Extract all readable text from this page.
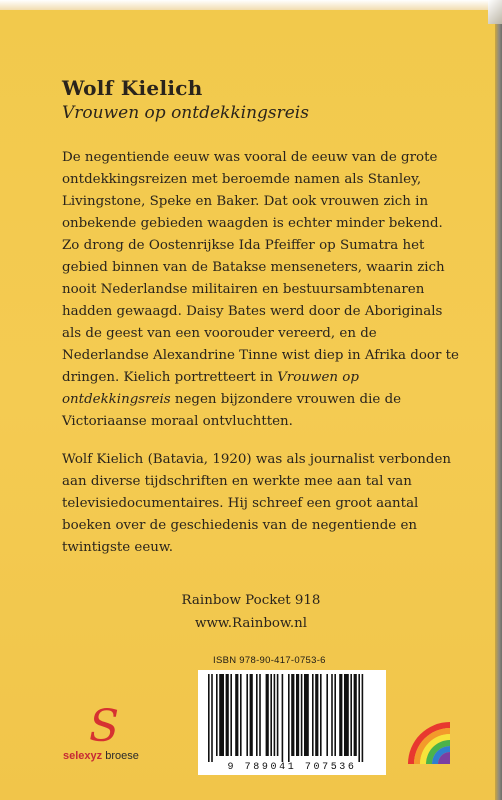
Wolf Kielich
Vrouwen op ontdekkingsreis

De negentiende eeuw was vooral de eeuw van de grote ontdekkingsreizen met beroemde namen als Stanley, Livingstone, Speke en Baker. Dat ook vrouwen zich in onbekende gebieden waagden is echter minder bekend. Zo drong de Oostenrijkse Ida Pfeiffer op Sumatra het gebied binnen van de Batakse menseneters, waarin zich nooit Nederlandse militairen en bestuursambtenaren hadden gewaagd. Daisy Bates werd door de Aboriginals als de geest van een voorouder vereerd, en de Nederlandse Alexandrine Tinne wist diep in Afrika door te dringen. Kielich portretteert in Vrouwen op ontdekkingsreis negen bijzondere vrouwen die de Victoriaanse moraal ontvluchtten.

Wolf Kielich (Batavia, 1920) was als journalist verbonden aan diverse tijdschriften en werkte mee aan tal van televisiedocumentaires. Hij schreef een groot aantal boeken over de geschiedenis van de negentiende en twintigste eeuw.

Rainbow Pocket 918
www.Rainbow.nl
ISBN 978-90-417-0753-6
9 789041 707536
S
selexyz broese
